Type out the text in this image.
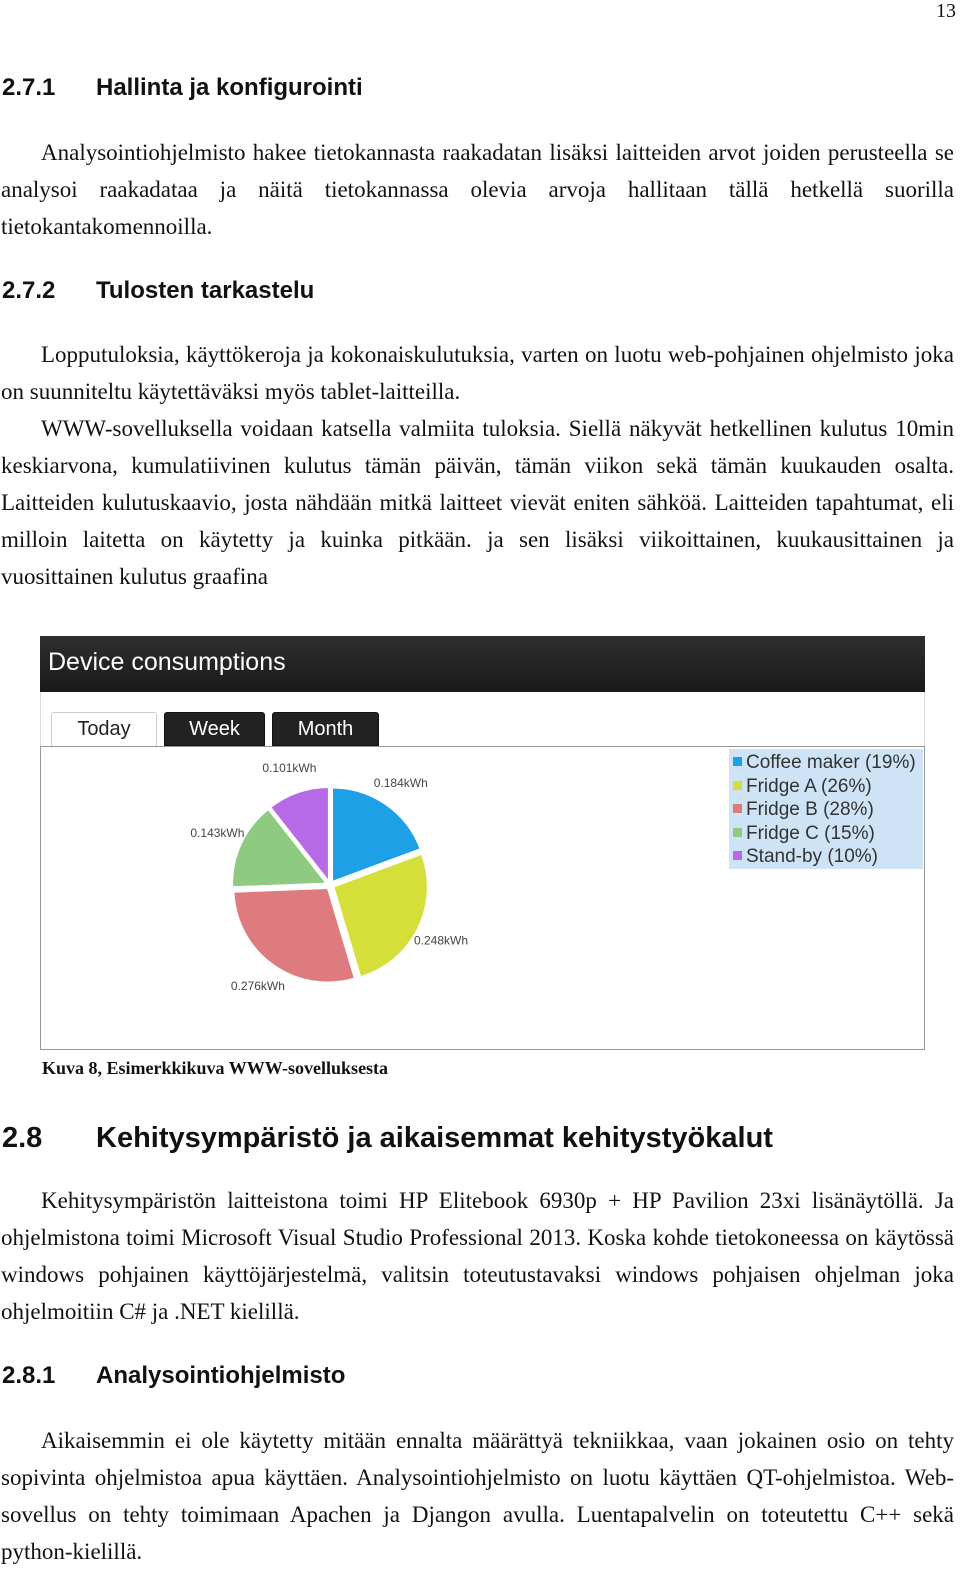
13
2.7.1 Hallinta ja konfigurointi

Analysointiohjelmisto hakee tietokannasta raakadatan lisäksi laitteiden arvot joiden perusteella se analysoi raakadataa ja näitä tietokannassa olevia arvoja hallitaan tällä hetkellä suorilla tietokantakomennoilla.

2.7.2 Tulosten tarkastelu

Lopputuloksia, käyttökeroja ja kokonaiskulutuksia, varten on luotu web-pohjainen ohjelmisto joka on suunniteltu käytettäväksi myös tablet-laitteilla.

WWW-sovelluksella voidaan katsella valmiita tuloksia. Siellä näkyvät hetkellinen kulutus 10min keskiarvona, kumulatiivinen kulutus tämän päivän, tämän viikon sekä tämän kuukauden osalta. Laitteiden kulutuskaavio, josta nähdään mitkä laitteet vievät eniten sähköä. Laitteiden tapahtumat, eli milloin laitetta on käytetty ja kuinka pitkään. ja sen lisäksi viikoittainen, kuukausittainen ja vuosittainen kulutus graafina

Device consumptions
Today	Week	Month
0.184kWh
0.248kWh
0.276kWh
0.143kWh
0.101kWh	Coffee maker (19%)
Fridge A (26%)
Fridge B (28%)
Fridge C (15%)
Stand-by (10%)
Kuva 8, Esimerkkikuva WWW-sovelluksesta
2.8 Kehitysympäristö ja aikaisemmat kehitystyökalut

Kehitysympäristön laitteistona toimi HP Elitebook 6930p + HP Pavilion 23xi lisänäytöllä. Ja ohjelmistona toimi Microsoft Visual Studio Professional 2013. Koska kohde tietokoneessa on käytössä windows pohjainen käyttöjärjestelmä, valitsin toteutustavaksi windows pohjaisen ohjelman joka ohjelmoitiin C# ja .NET kielillä.

2.8.1 Analysointiohjelmisto

Aikaisemmin ei ole käytetty mitään ennalta määrättyä tekniikkaa, vaan jokainen osio on tehty sopivinta ohjelmistoa apua käyttäen. Analysointiohjelmisto on luotu käyttäen QT-ohjelmistoa. Web-sovellus on tehty toimimaan Apachen ja Djangon avulla. Luentapalvelin on toteutettu C++ sekä python-kielillä.
